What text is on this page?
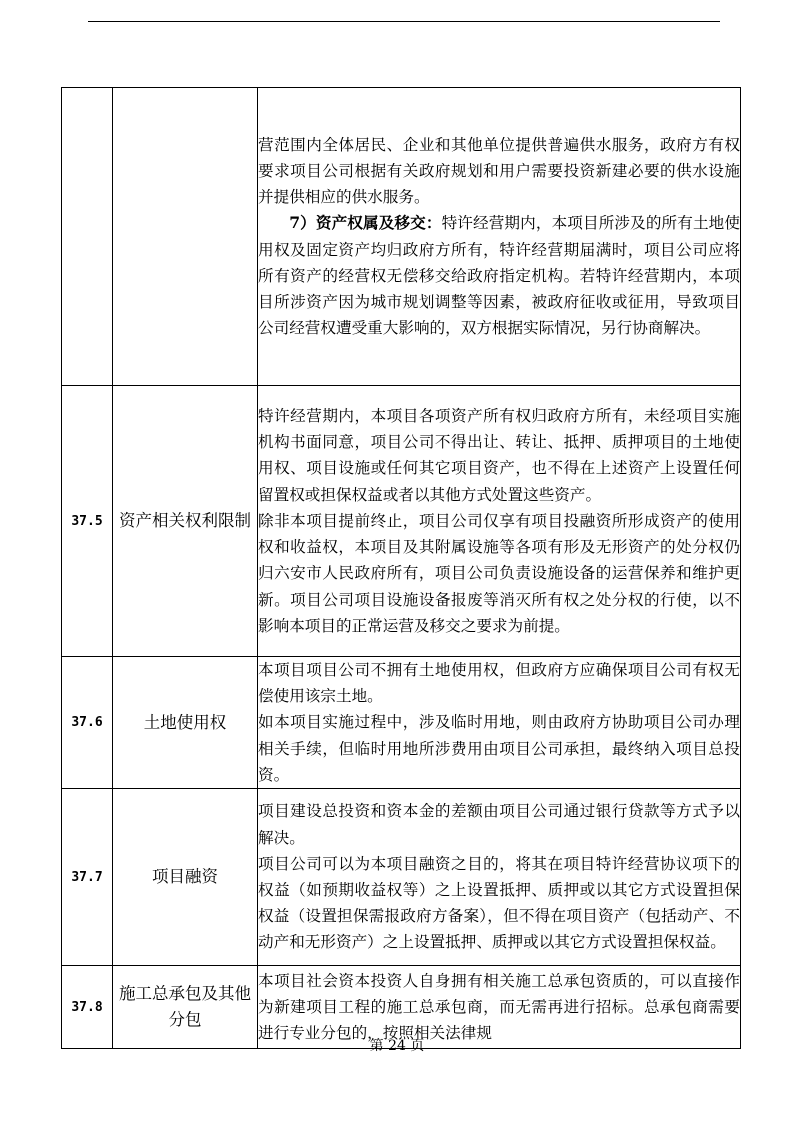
		营范围内全体居民、企业和其他单位提供普遍供水服务，政府方有权要求项目公司根据有关政府规划和用户需要投资新建必要的供水设施并提供相应的供水服务。

7）资产权属及移交：特许经营期内，本项目所涉及的所有土地使用权及固定资产均归政府方所有，特许经营期届满时，项目公司应将所有资产的经营权无偿移交给政府指定机构。若特许经营期内，本项目所涉资产因为城市规划调整等因素，被政府征收或征用，导致项目公司经营权遭受重大影响的，双方根据实际情况，另行协商解决。

37.5	资产相关权利限制	特许经营期内，本项目各项资产所有权归政府方所有，未经项目实施机构书面同意，项目公司不得出让、转让、抵押、质押项目的土地使用权、项目设施或任何其它项目资产，也不得在上述资产上设置任何留置权或担保权益或者以其他方式处置这些资产。

除非本项目提前终止，项目公司仅享有项目投融资所形成资产的使用权和收益权，本项目及其附属设施等各项有形及无形资产的处分权仍归六安市人民政府所有，项目公司负责设施设备的运营保养和维护更新。项目公司项目设施设备报废等消灭所有权之处分权的行使，以不影响本项目的正常运营及移交之要求为前提。

37.6	土地使用权	本项目项目公司不拥有土地使用权，但政府方应确保项目公司有权无偿使用该宗土地。

如本项目实施过程中，涉及临时用地，则由政府方协助项目公司办理相关手续，但临时用地所涉费用由项目公司承担，最终纳入项目总投资。

37.7	项目融资	项目建设总投资和资本金的差额由项目公司通过银行贷款等方式予以解决。

项目公司可以为本项目融资之目的，将其在项目特许经营协议项下的权益（如预期收益权等）之上设置抵押、质押或以其它方式设置担保权益（设置担保需报政府方备案），但不得在项目资产（包括动产、不动产和无形资产）之上设置抵押、质押或以其它方式设置担保权益。

37.8	施工总承包及其他分包	本项目社会资本投资人自身拥有相关施工总承包资质的，可以直接作为新建项目工程的施工总承包商，而无需再进行招标。总承包商需要进行专业分包的，按照相关法律规

第 24 页
